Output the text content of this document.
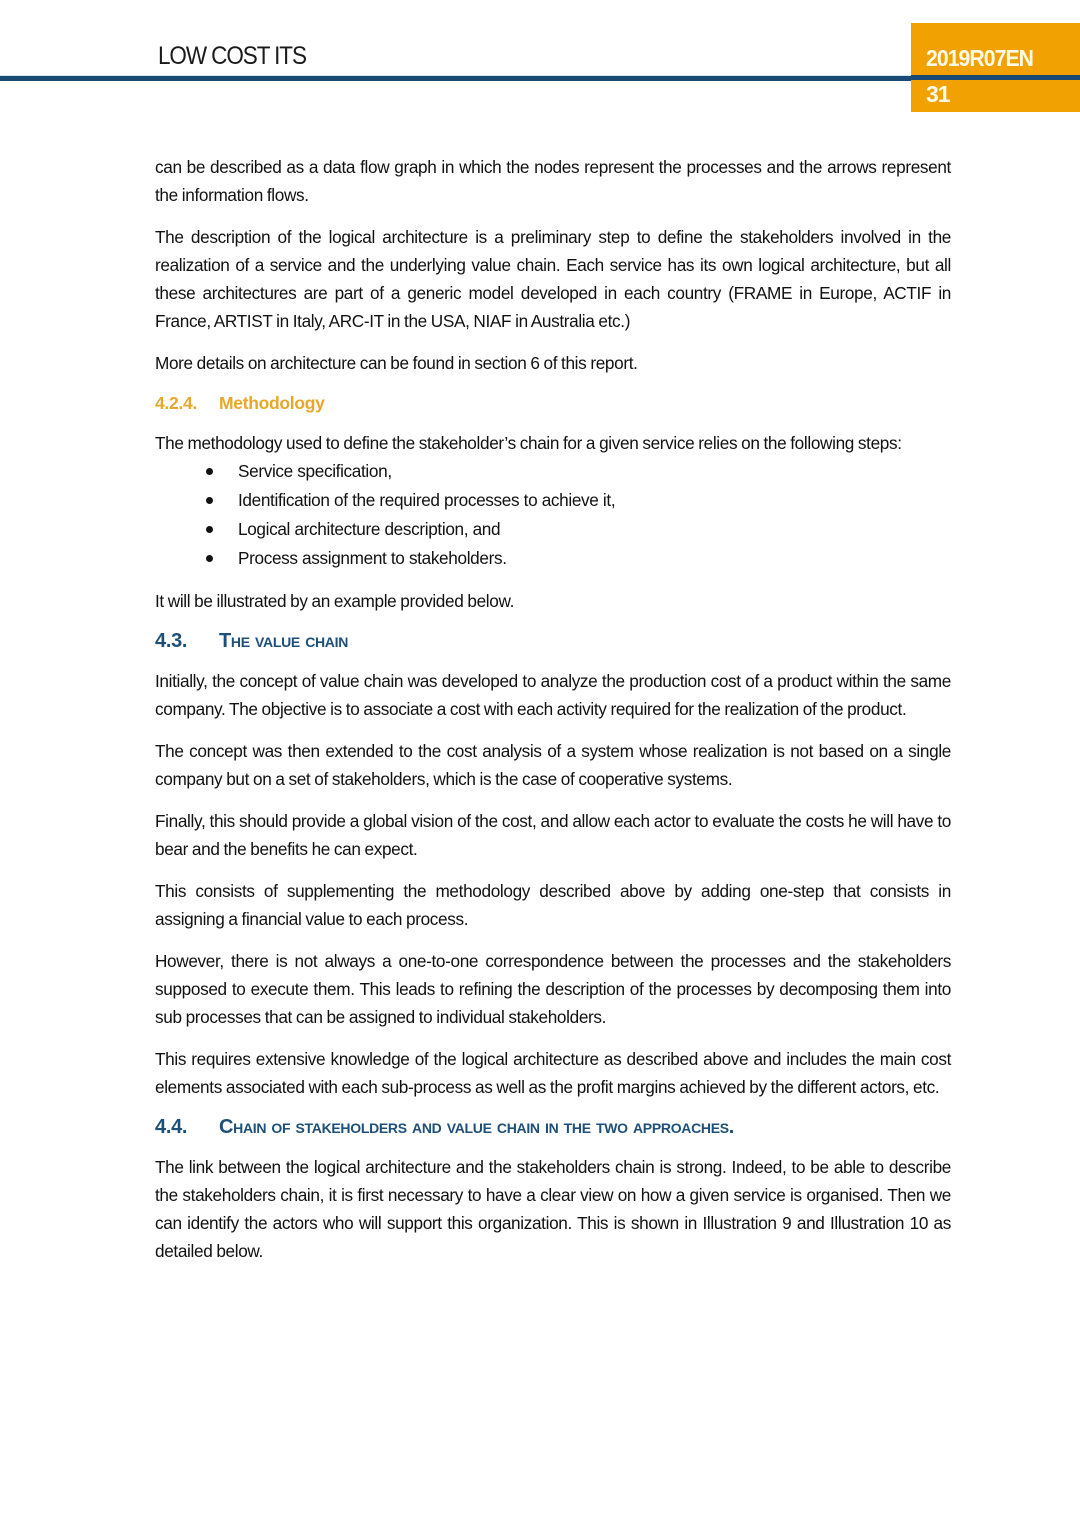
LOW COST ITS	2019R07EN
31

can be described as a data flow graph in which the nodes represent the processes and the arrows represent the information flows.

The description of the logical architecture is a preliminary step to define the stakeholders involved in the realization of a service and the underlying value chain. Each service has its own logical architecture, but all these architectures are part of a generic model developed in each country (FRAME in Europe, ACTIF in France, ARTIST in Italy, ARC-IT in the USA, NIAF in Australia etc.)

More details on architecture can be found in section 6 of this report.

4.2.4. Methodology

The methodology used to define the stakeholder’s chain for a given service relies on the following steps:

Service specification,
Identification of the required processes to achieve it,
Logical architecture description, and
Process assignment to stakeholders.

It will be illustrated by an example provided below.

4.3. The value chain

Initially, the concept of value chain was developed to analyze the production cost of a product within the same company. The objective is to associate a cost with each activity required for the realization of the product.

The concept was then extended to the cost analysis of a system whose realization is not based on a single company but on a set of stakeholders, which is the case of cooperative systems.

Finally, this should provide a global vision of the cost, and allow each actor to evaluate the costs he will have to bear and the benefits he can expect.

This consists of supplementing the methodology described above by adding one-step that consists in assigning a financial value to each process.

However, there is not always a one-to-one correspondence between the processes and the stakeholders supposed to execute them. This leads to refining the description of the processes by decomposing them into sub processes that can be assigned to individual stakeholders.

This requires extensive knowledge of the logical architecture as described above and includes the main cost elements associated with each sub-process as well as the profit margins achieved by the different actors, etc.

4.4. Chain of stakeholders and value chain in the two approaches.

The link between the logical architecture and the stakeholders chain is strong. Indeed, to be able to describe the stakeholders chain, it is first necessary to have a clear view on how a given service is organised. Then we can identify the actors who will support this organization. This is shown in Illustration 9 and Illustration 10 as detailed below.
